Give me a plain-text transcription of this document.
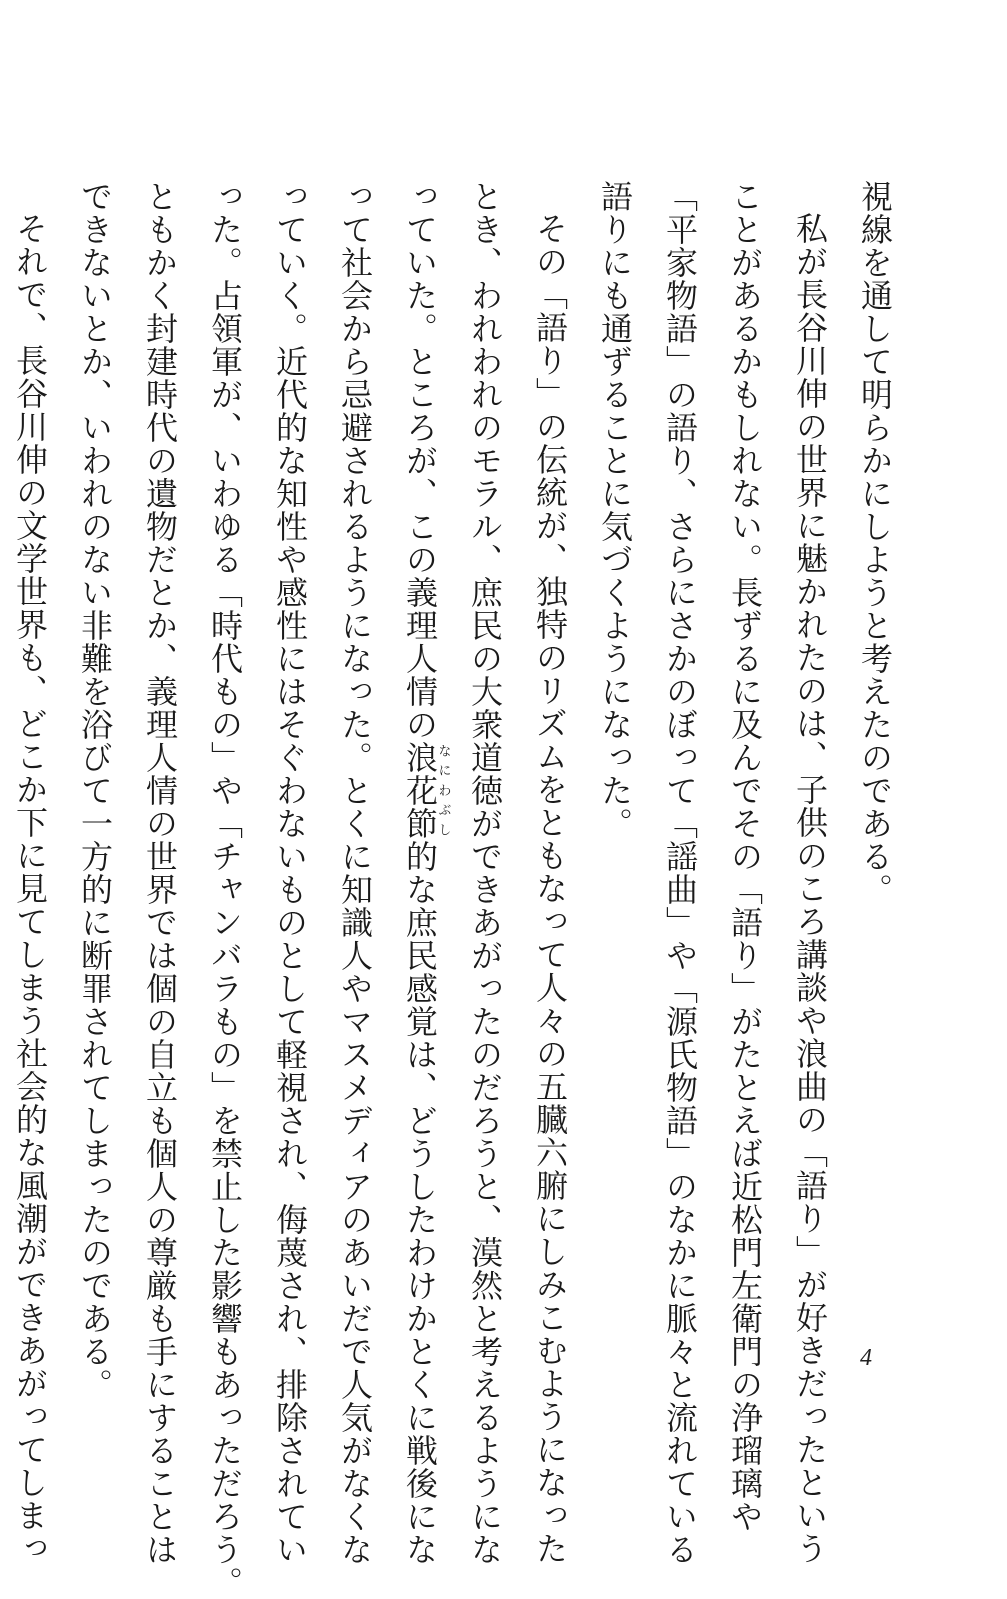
視線を通して明らかにしようと考えたのである。
私が長谷川伸の世界に魅かれたのは、子供のころ講談や浪曲の「語り」が好きだったという
ことがあるかもしれない。長ずるに及んでその「語り」がたとえば近松門左衛門の浄瑠璃や
「平家物語」の語り、さらにさかのぼって「謡曲」や「源氏物語」のなかに脈々と流れている
語りにも通ずることに気づくようになった。
その「語り」の伝統が、独特のリズムをともなって人々の五臓六腑にしみこむようになった
とき、われわれのモラル、庶民の大衆道徳ができあがったのだろうと、漠然と考えるようにな
っていた。ところが、この義理人情の浪花節なにわぶし的な庶民感覚は、どうしたわけかとくに戦後にな
って社会から忌避されるようになった。とくに知識人やマスメディアのあいだで人気がなくな
っていく。近代的な知性や感性にはそぐわないものとして軽視され、侮蔑され、排除されてい
った。占領軍が、いわゆる「時代もの」や「チャンバラもの」を禁止した影響もあっただろう。
ともかく封建時代の遺物だとか、義理人情の世界では個の自立も個人の尊厳も手にすることは
できないとか、いわれのない非難を浴びて一方的に断罪されてしまったのである。
それで、長谷川伸の文学世界も、どこか下に見てしまう社会的な風潮ができあがってしまっ	4
